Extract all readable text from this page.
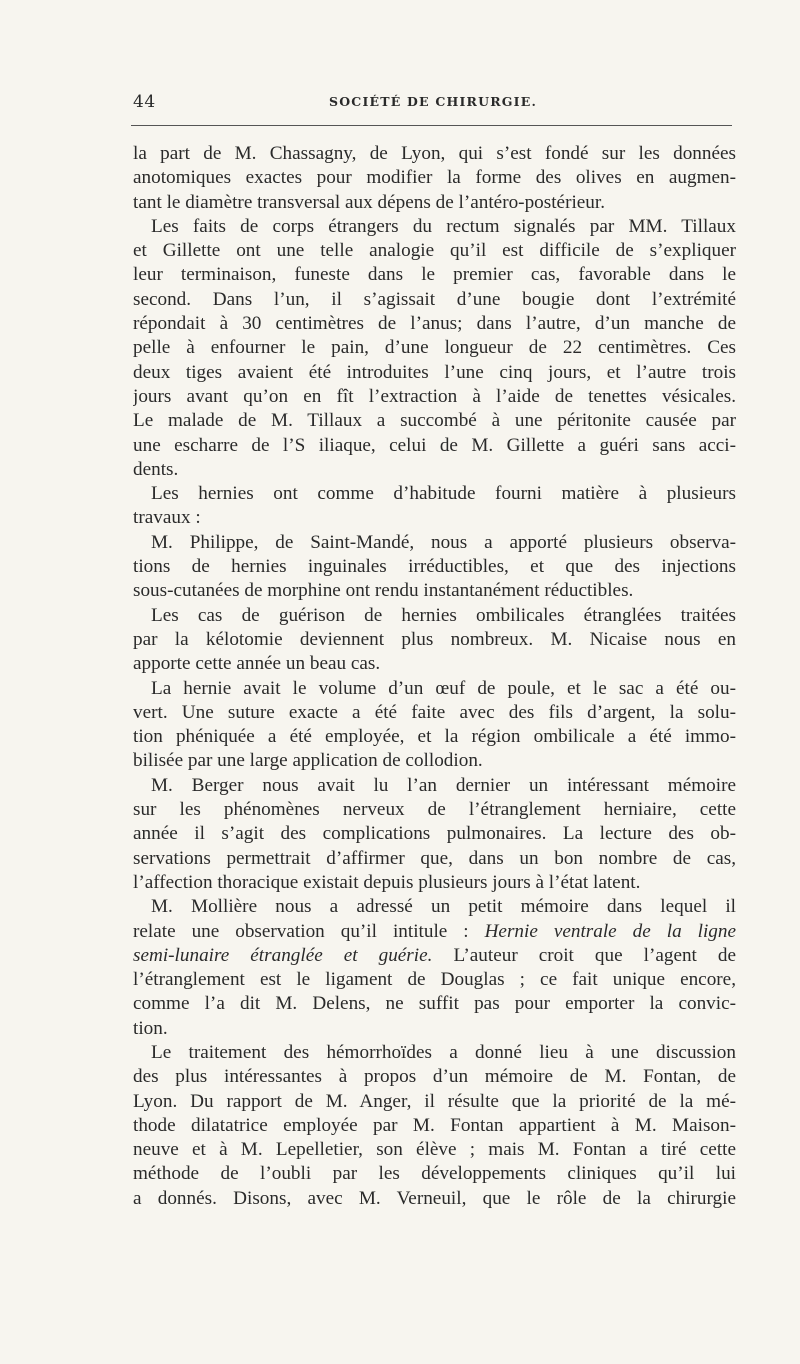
44	SOCIÉTÉ DE CHIRURGIE.
la part de M. Chassagny, de Lyon, qui s’est fondé sur les données
anotomiques exactes pour modifier la forme des olives en augmen-
tant le diamètre transversal aux dépens de l’antéro-postérieur.
Les faits de corps étrangers du rectum signalés par MM. Tillaux
et Gillette ont une telle analogie qu’il est difficile de s’expliquer
leur terminaison, funeste dans le premier cas, favorable dans le
second. Dans l’un, il s’agissait d’une bougie dont l’extrémité
répondait à 30 centimètres de l’anus; dans l’autre, d’un manche de
pelle à enfourner le pain, d’une longueur de 22 centimètres. Ces
deux tiges avaient été introduites l’une cinq jours, et l’autre trois
jours avant qu’on en fît l’extraction à l’aide de tenettes vésicales.
Le malade de M. Tillaux a succombé à une péritonite causée par
une escharre de l’S iliaque, celui de M. Gillette a guéri sans acci-
dents.
Les hernies ont comme d’habitude fourni matière à plusieurs
travaux :
M. Philippe, de Saint-Mandé, nous a apporté plusieurs observa-
tions de hernies inguinales irréductibles, et que des injections
sous-cutanées de morphine ont rendu instantanément réductibles.
Les cas de guérison de hernies ombilicales étranglées traitées
par la kélotomie deviennent plus nombreux. M. Nicaise nous en
apporte cette année un beau cas.
La hernie avait le volume d’un œuf de poule, et le sac a été ou-
vert. Une suture exacte a été faite avec des fils d’argent, la solu-
tion phéniquée a été employée, et la région ombilicale a été immo-
bilisée par une large application de collodion.
M. Berger nous avait lu l’an dernier un intéressant mémoire
sur les phénomènes nerveux de l’étranglement herniaire, cette
année il s’agit des complications pulmonaires. La lecture des ob-
servations permettrait d’affirmer que, dans un bon nombre de cas,
l’affection thoracique existait depuis plusieurs jours à l’état latent.
M. Mollière nous a adressé un petit mémoire dans lequel il
relate une observation qu’il intitule : Hernie ventrale de la ligne
semi-lunaire étranglée et guérie. L’auteur croit que l’agent de
l’étranglement est le ligament de Douglas ; ce fait unique encore,
comme l’a dit M. Delens, ne suffit pas pour emporter la convic-
tion.
Le traitement des hémorrhoïdes a donné lieu à une discussion
des plus intéressantes à propos d’un mémoire de M. Fontan, de
Lyon. Du rapport de M. Anger, il résulte que la priorité de la mé-
thode dilatatrice employée par M. Fontan appartient à M. Maison-
neuve et à M. Lepelletier, son élève ; mais M. Fontan a tiré cette
méthode de l’oubli par les développements cliniques qu’il lui
a donnés. Disons, avec M. Verneuil, que le rôle de la chirurgie
